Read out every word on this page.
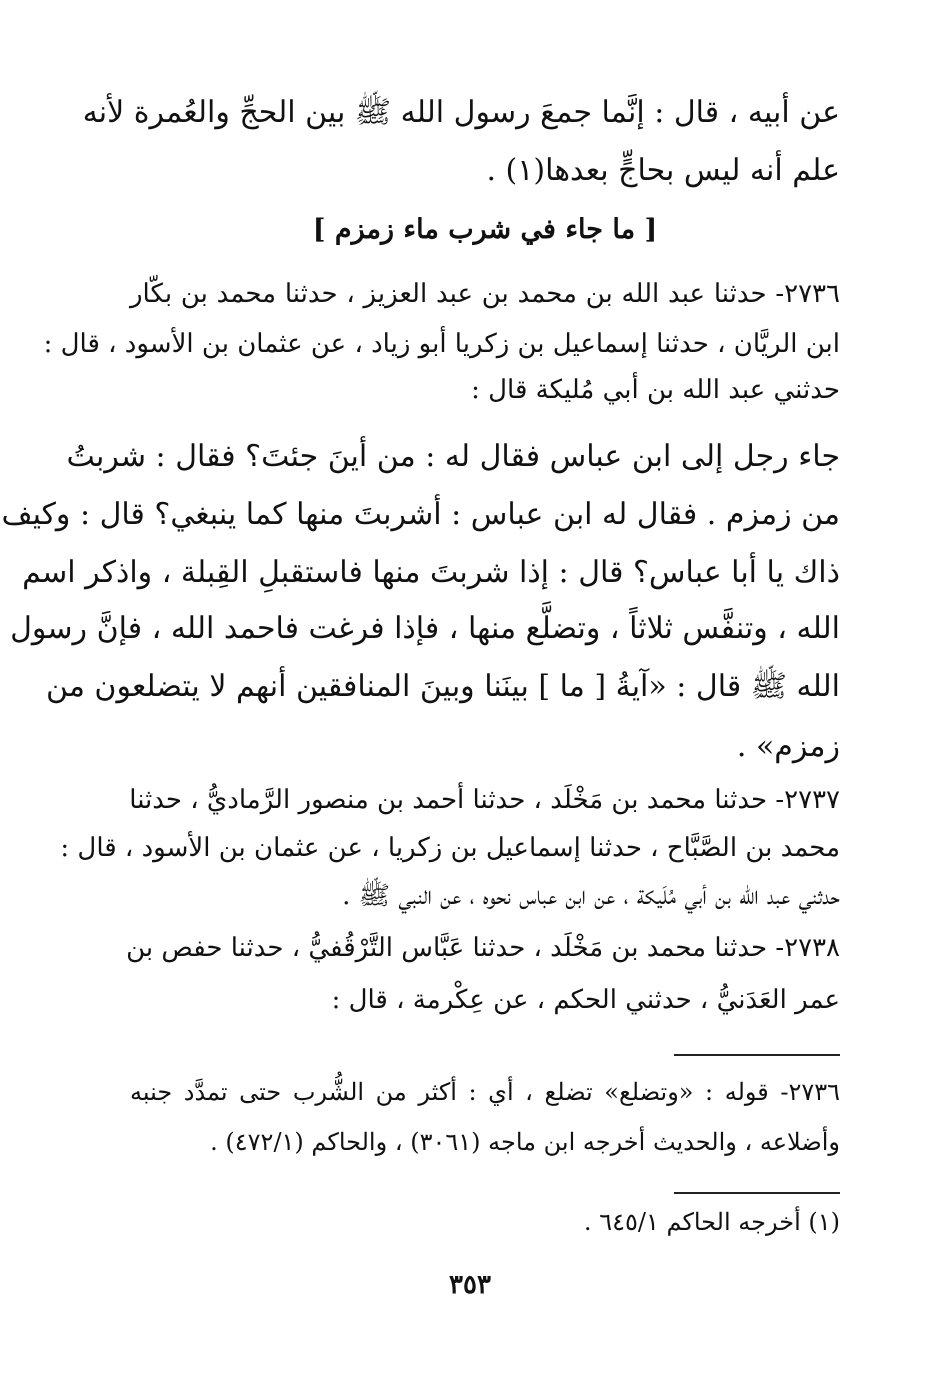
عن أبيه ، قال : إنَّما جمعَ رسول الله ﷺ بين الحجِّ والعُمرة لأنه
علم أنه ليس بحاجٍّ بعدها(١) .
[ ما جاء في شرب ماء زمزم ]
٢٧٣٦- حدثنا عبد الله بن محمد بن عبد العزيز ، حدثنا محمد بن بكّار
ابن الريَّان ، حدثنا إسماعيل بن زكريا أبو زياد ، عن عثمان بن الأسود ، قال :
حدثني عبد الله بن أبي مُليكة قال :
جاء رجل إلى ابن عباس فقال له : من أينَ جئتَ؟ فقال : شربتُ
من زمزم . فقال له ابن عباس : أشربتَ منها كما ينبغي؟ قال : وكيف
ذاك يا أبا عباس؟ قال : إذا شربتَ منها فاستقبلِ القِبلة ، واذكر اسم
الله ، وتنفَّس ثلاثاً ، وتضلَّع منها ، فإذا فرغت فاحمد الله ، فإنَّ رسول
الله ﷺ قال : «آيةُ [ ما ] بينَنا وبينَ المنافقين أنهم لا يتضلعون من
زمزم» .
٢٧٣٧- حدثنا محمد بن مَخْلَد ، حدثنا أحمد بن منصور الرَّماديُّ ، حدثنا
محمد بن الصَّبَّاح ، حدثنا إسماعيل بن زكريا ، عن عثمان بن الأسود ، قال :
حدثني عبد الله بن أبي مُلَيكة ، عن ابن عباس نحوه ، عن النبي ﷺ .
٢٧٣٨- حدثنا محمد بن مَخْلَد ، حدثنا عَبَّاس التَّرْقُفيُّ ، حدثنا حفص بن
عمر العَدَنيُّ ، حدثني الحكم ، عن عِكْرمة ، قال :
٢٧٣٦- قوله : «وتضلع» تضلع ، أي : أكثر من الشُّرب حتى تمدَّد جنبه
وأضلاعه ، والحديث أخرجه ابن ماجه (٣٠٦١) ، والحاكم (٤٧٢/١) .
(١) أخرجه الحاكم ٦٤٥/١ .
٣٥٣
